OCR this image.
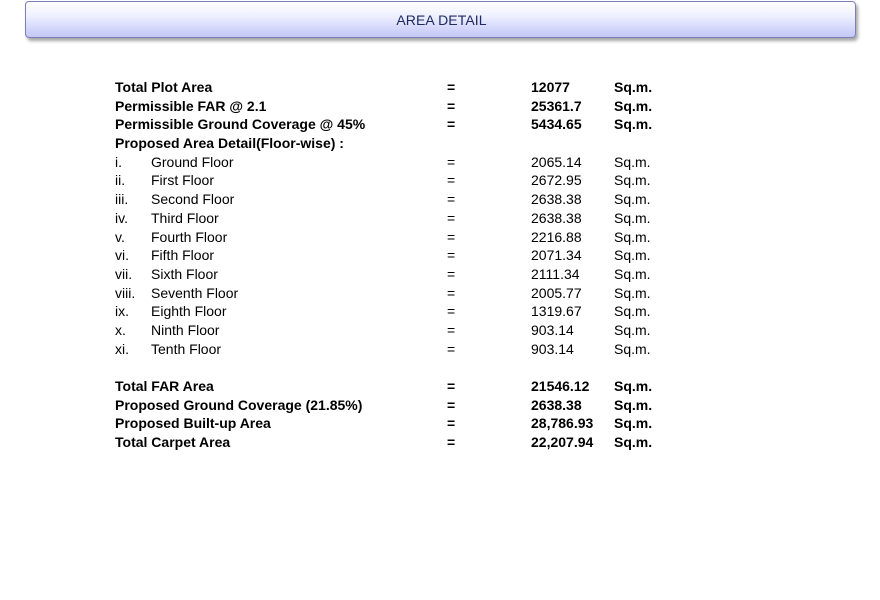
AREA DETAIL
Total Plot Area	=	12077	Sq.m.
Permissible FAR @ 2.1	=	25361.7 Sq.m.
Permissible Ground Coverage @ 45%	=	5434.65 Sq.m.
Proposed Area Detail(Floor-wise) :
i.	Ground Floor	=	2065.14 Sq.m.
ii.	First Floor	=	2672.95 Sq.m.
iii.	Second Floor	=	2638.38 Sq.m.
iv.	Third Floor	=	2638.38 Sq.m.
v.	Fourth Floor	=	2216.88 Sq.m.
vi.	Fifth Floor	=	2071.34 Sq.m.
vii.	Sixth Floor	=	2111.34 Sq.m.
viii.	Seventh Floor	=	2005.77 Sq.m.
ix.	Eighth Floor	=	1319.67 Sq.m.
x.	Ninth Floor	=	903.14	Sq.m.
xi.	Tenth Floor	=	903.14	Sq.m.
Total FAR Area	=	21546.12 Sq.m.
Proposed Ground Coverage (21.85%)	=	2638.38 Sq.m.
Proposed Built-up Area	=	28,786.93 Sq.m.
Total Carpet Area	=	22,207.94 Sq.m.
